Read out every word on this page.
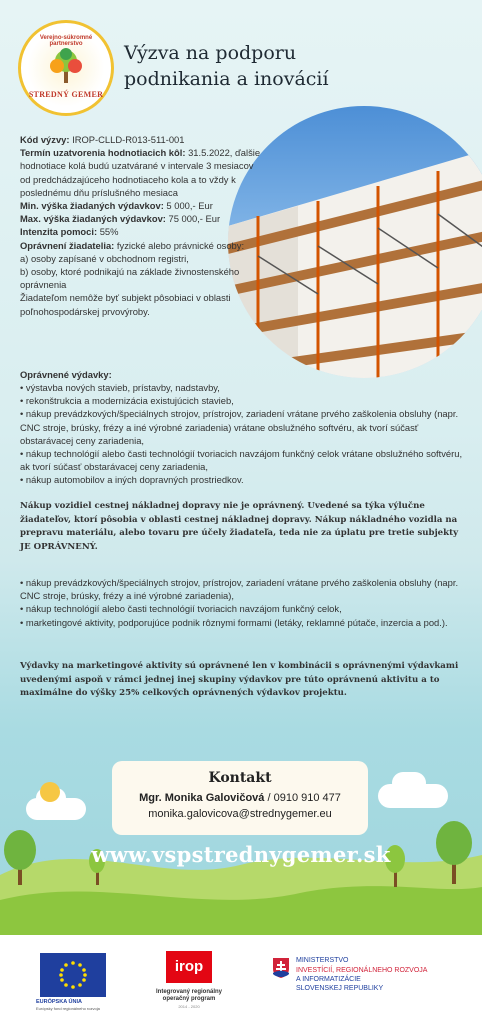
Verejno-súkromné partnerstvo
STREDNÝ GEMER
Výzva na podporu
podnikania a inovácií

Kód výzvy: IROP-CLLD-R013-511-001

Termín uzatvorenia hodnotiacich kôl: 31.5.2022, ďalšie hodnotiace kolá budú uzatvárané v intervale 3 mesiacov od predchádzajúceho hodnotiaceho kola a to vždy k poslednému dňu príslušného mesiaca

Min. výška žiadaných výdavkov: 5 000,- Eur

Max. výška žiadaných výdavkov: 75 000,- Eur

Intenzita pomoci: 55%

Oprávnení žiadatelia: fyzické alebo právnické osoby:

a) osoby zapísané v obchodnom registri,

b) osoby, ktoré podnikajú na základe živnostenského oprávnenia

Žiadateľom nemôže byť subjekt pôsobiaci v oblasti poľnohospodárskej prvovýroby.

Oprávnené výdavky:

• výstavba nových stavieb, prístavby, nadstavby,

• rekonštrukcia a modernizácia existujúcich stavieb,

• nákup prevádzkových/špeciálnych strojov, prístrojov, zariadení vrátane prvého zaškolenia obsluhy (napr. CNC stroje, brúsky, frézy a iné výrobné zariadenia) vrátane obslužného softvéru, ak tvorí súčasť obstarávacej ceny zariadenia,

• nákup technológií alebo časti technológií tvoriacich navzájom funkčný celok vrátane obslužného softvéru, ak tvorí súčasť obstarávacej ceny zariadenia,

• nákup automobilov a iných dopravných prostriedkov.

Nákup vozidiel cestnej nákladnej dopravy nie je oprávnený. Uvedené sa týka výlučne žiadateľov, ktorí pôsobia v oblasti cestnej nákladnej dopravy. Nákup nákladného vozidla na prepravu materiálu, alebo tovaru pre účely žiadateľa, teda nie za úplatu pre tretie subjekty JE OPRÁVNENÝ.

• nákup prevádzkových/špeciálnych strojov, prístrojov, zariadení vrátane prvého zaškolenia obsluhy (napr. CNC stroje, brúsky, frézy a iné výrobné zariadenia),

• nákup technológií alebo časti technológií tvoriacich navzájom funkčný celok,

• marketingové aktivity, podporujúce podnik rôznymi formami (letáky, reklamné pútače, inzercia a pod.).

Výdavky na marketingové aktivity sú oprávnené len v kombinácii s oprávnenými výdavkami uvedenými aspoň v rámci jednej inej skupiny výdavkov pre túto oprávnenú aktivitu a to maximálne do výšky 25% celkových oprávnených výdavkov projektu.
Kontakt
Mgr. Monika Galovičová / 0910 910 477
monika.galovicova@strednygemer.eu
www.vspstrednygemer.sk
EURÓPSKA ÚNIA
Európsky fond regionálneho rozvoja
irop
Integrovaný regionálny
operačný program
2014 - 2020
MINISTERSTVO
INVESTÍCIÍ, REGIONÁLNEHO ROZVOJA
A INFORMATIZÁCIE
SLOVENSKEJ REPUBLIKY
